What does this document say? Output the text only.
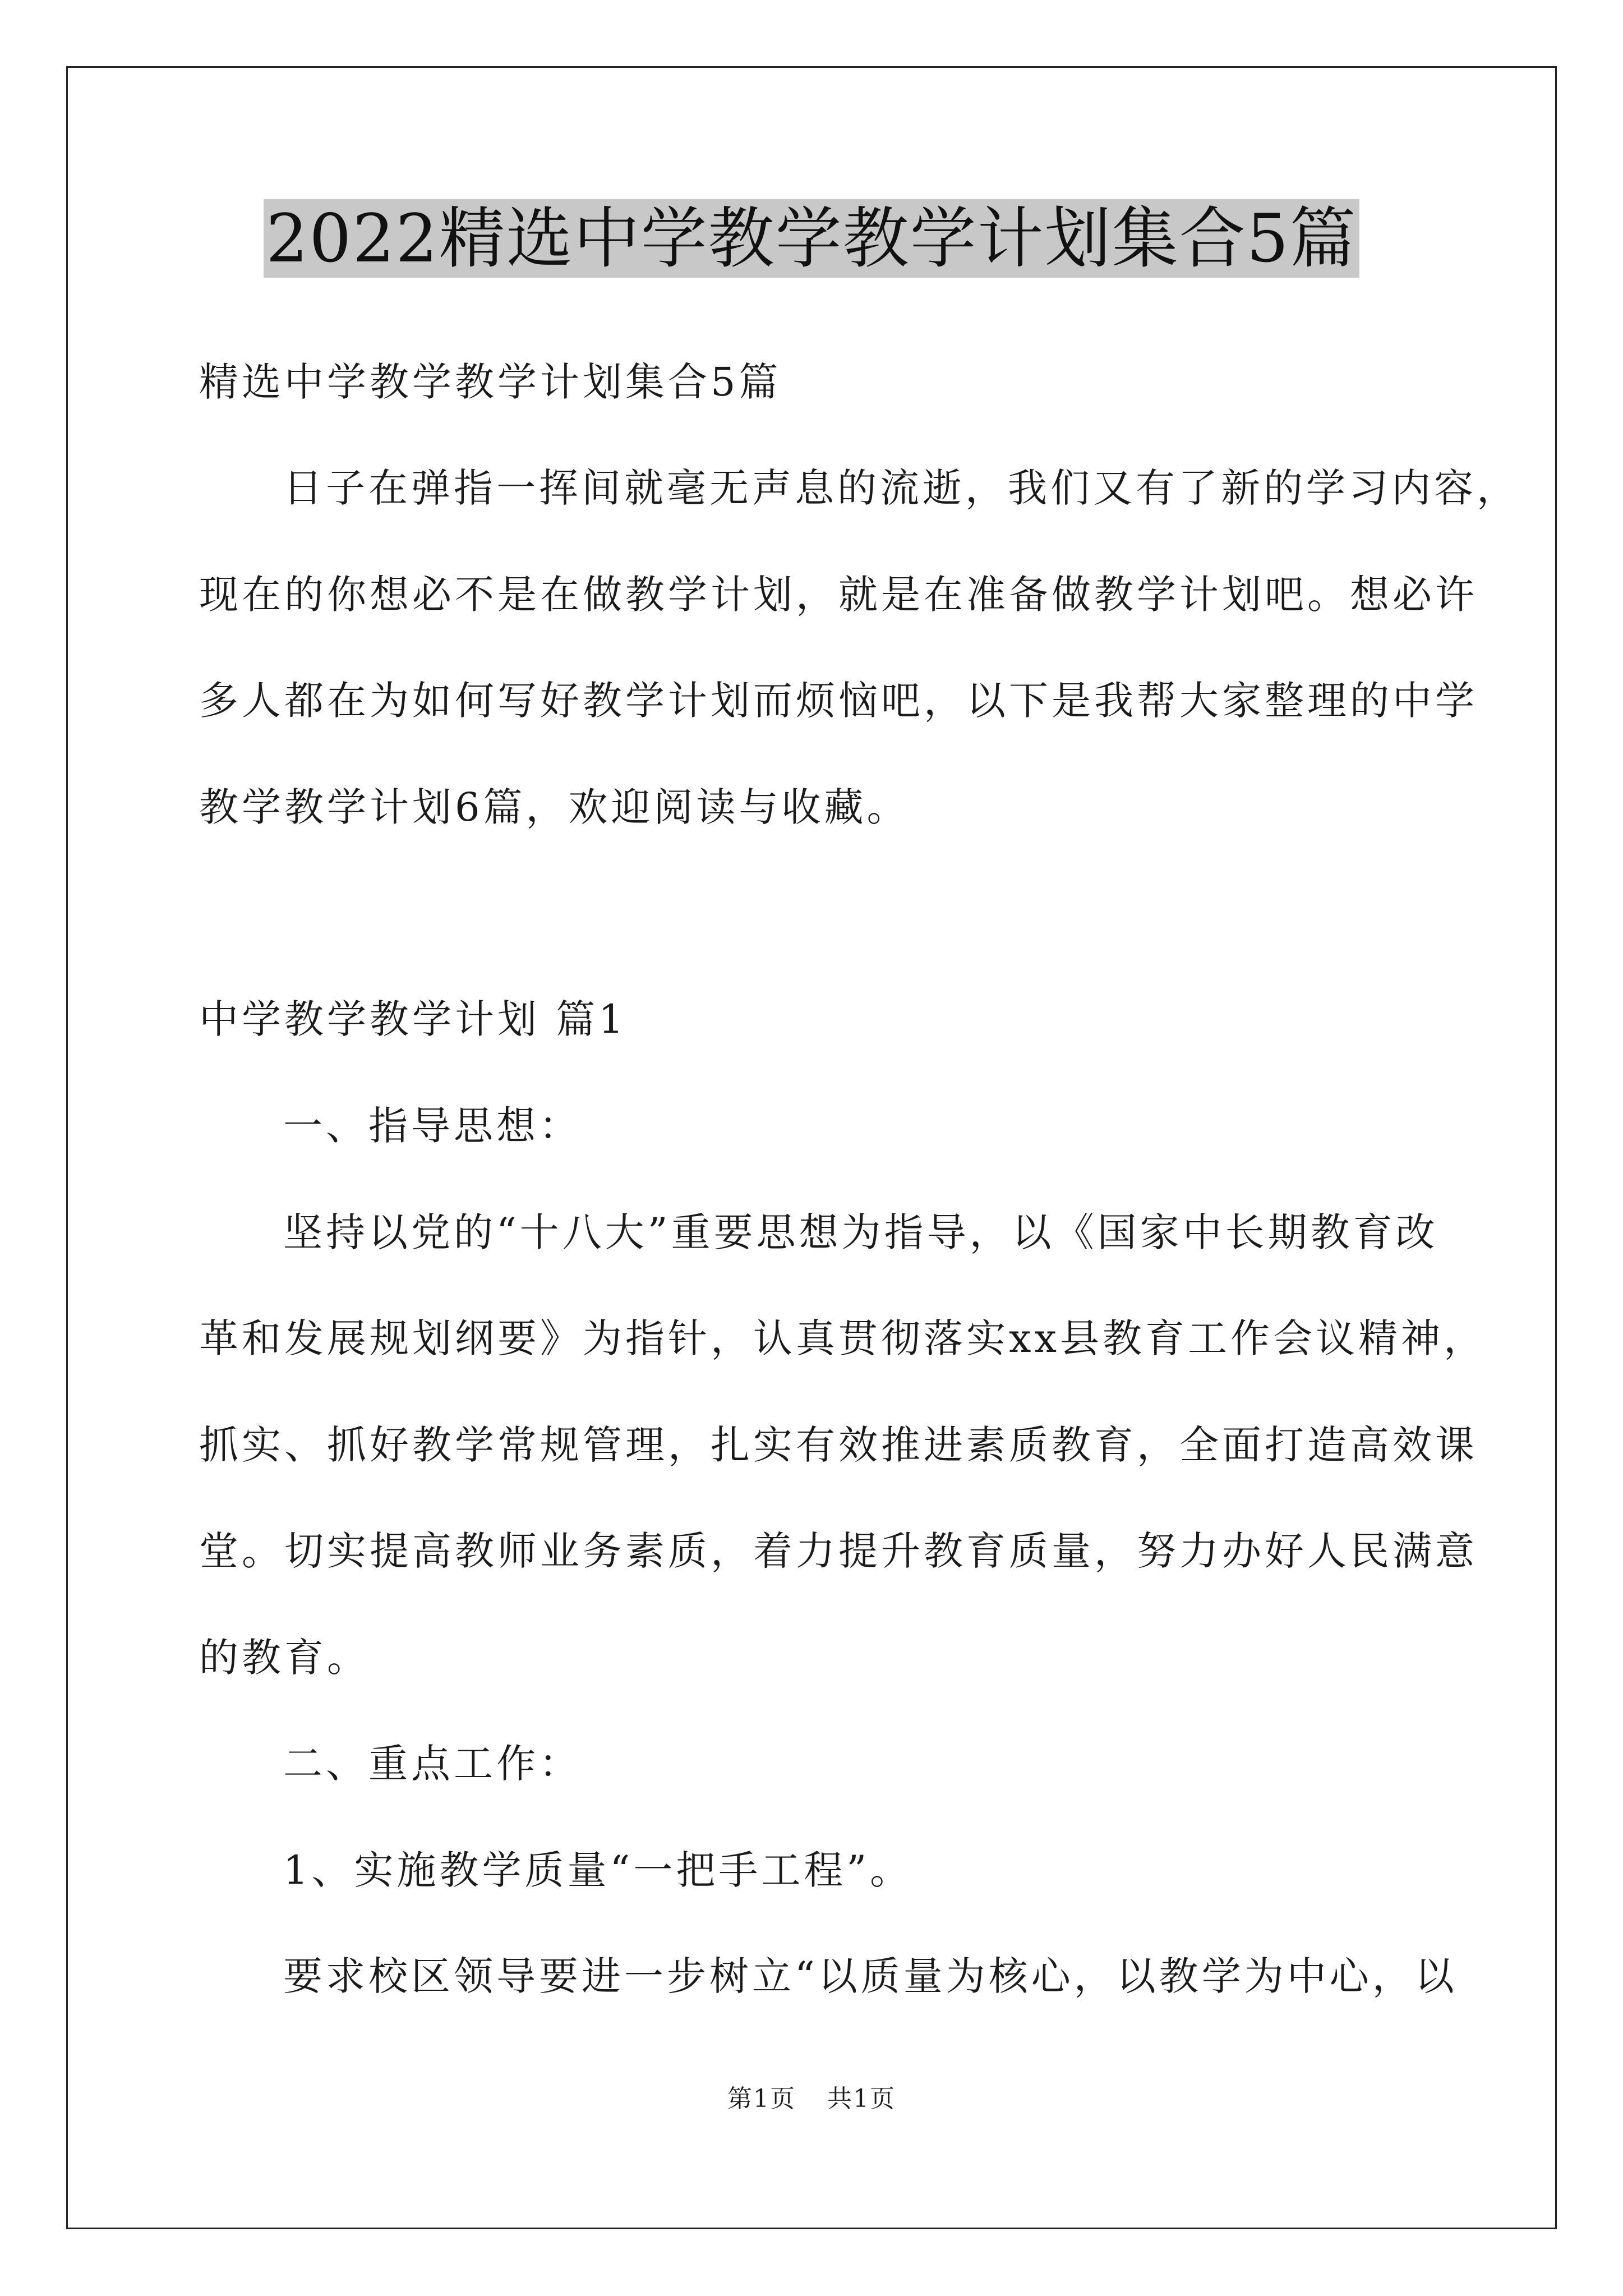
2022精选中学教学教学计划集合5篇
精选中学教学教学计划集合5篇
日子在弹指一挥间就毫无声息的流逝，我们又有了新的学习内容，
现在的你想必不是在做教学计划，就是在准备做教学计划吧。想必许
多人都在为如何写好教学计划而烦恼吧，以下是我帮大家整理的中学
教学教学计划6篇，欢迎阅读与收藏。
中学教学教学计划 篇1
一、指导思想：
坚持以党的“十八大”重要思想为指导，以《国家中长期教育改
革和发展规划纲要》为指针，认真贯彻落实xx县教育工作会议精神，
抓实、抓好教学常规管理，扎实有效推进素质教育，全面打造高效课
堂。切实提高教师业务素质，着力提升教育质量，努力办好人民满意
的教育。
二、重点工作：
1、实施教学质量“一把手工程”。
要求校区领导要进一步树立“以质量为核心，以教学为中心，以
第1页 共1页
